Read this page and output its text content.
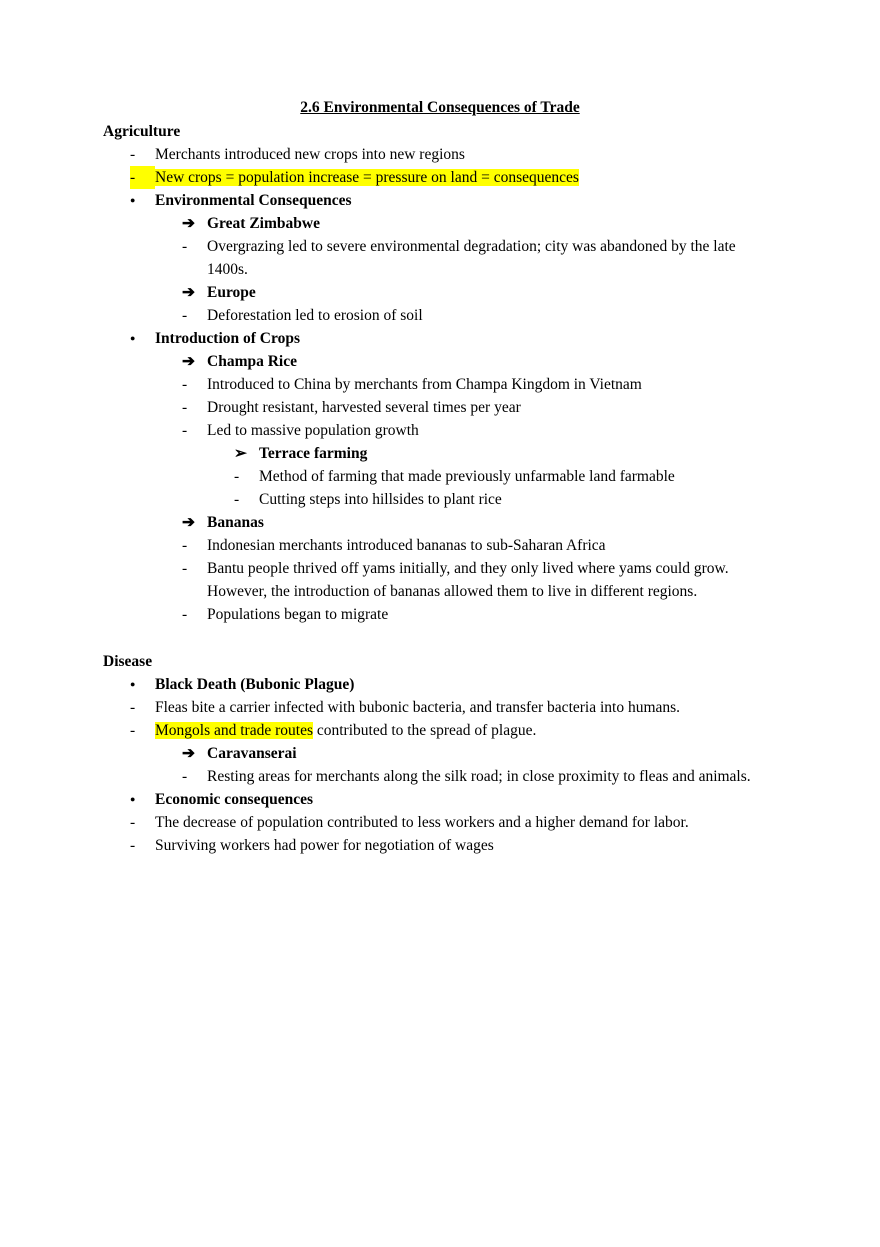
2.6 Environmental Consequences of Trade
Agriculture
-	Merchants introduced new crops into new regions
-	New crops = population increase = pressure on land = consequences
●	Environmental Consequences
➔ Great Zimbabwe
-	Overgrazing led to severe environmental degradation; city was abandoned by the late 1400s.
➔ Europe
-	Deforestation led to erosion of soil
●	Introduction of Crops
➔ Champa Rice
-	Introduced to China by merchants from Champa Kingdom in Vietnam
-	Drought resistant, harvested several times per year
-	Led to massive population growth
➢ Terrace farming
-	Method of farming that made previously unfarmable land farmable
-	Cutting steps into hillsides to plant rice
➔ Bananas
-	Indonesian merchants introduced bananas to sub-Saharan Africa
-	Bantu people thrived off yams initially, and they only lived where yams could grow. However, the introduction of bananas allowed them to live in different regions.
-	Populations began to migrate
Disease
●	Black Death (Bubonic Plague)
-	Fleas bite a carrier infected with bubonic bacteria, and transfer bacteria into humans.
-	Mongols and trade routes contributed to the spread of plague.
➔ Caravanserai
-	Resting areas for merchants along the silk road; in close proximity to fleas and animals.
●	Economic consequences
-	The decrease of population contributed to less workers and a higher demand for labor.
-	Surviving workers had power for negotiation of wages
